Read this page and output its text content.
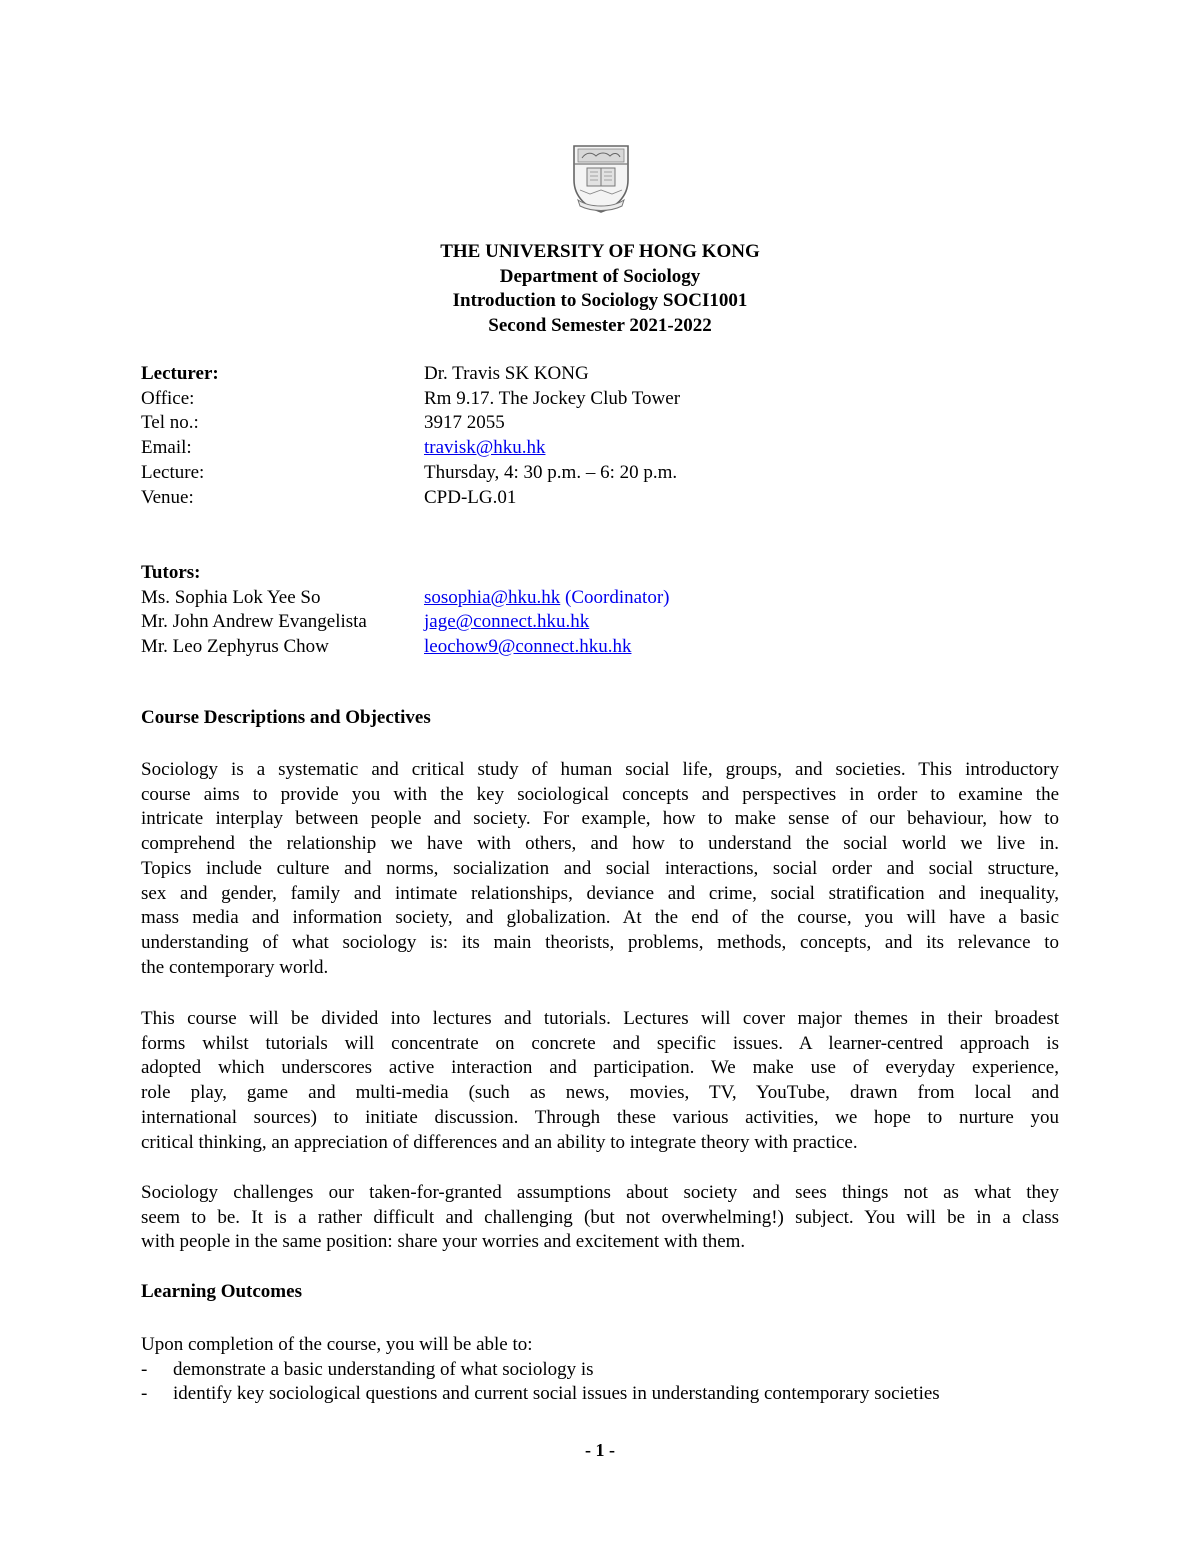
THE UNIVERSITY OF HONG KONG
Department of Sociology
Introduction to Sociology SOCI1001
Second Semester 2021-2022
Lecturer:	Dr. Travis SK KONG
Office:	Rm 9.17. The Jockey Club Tower
Tel no.:	3917 2055
Email:	travisk@hku.hk
Lecture:	Thursday, 4: 30 p.m. – 6: 20 p.m.
Venue:	CPD-LG.01
Tutors:
Ms. Sophia Lok Yee So	sosophia@hku.hk (Coordinator)
Mr. John Andrew Evangelista	jage@connect.hku.hk
Mr. Leo Zephyrus Chow	leochow9@connect.hku.hk
Course Descriptions and Objectives
Sociology is a systematic and critical study of human social life, groups, and societies. This introductory
course aims to provide you with the key sociological concepts and perspectives in order to examine the
intricate interplay between people and society. For example, how to make sense of our behaviour, how to
comprehend the relationship we have with others, and how to understand the social world we live in.
Topics include culture and norms, socialization and social interactions, social order and social structure,
sex and gender, family and intimate relationships, deviance and crime, social stratification and inequality,
mass media and information society, and globalization. At the end of the course, you will have a basic
understanding of what sociology is: its main theorists, problems, methods, concepts, and its relevance to
the contemporary world.
This course will be divided into lectures and tutorials. Lectures will cover major themes in their broadest
forms whilst tutorials will concentrate on concrete and specific issues. A learner-centred approach is
adopted which underscores active interaction and participation. We make use of everyday experience,
role play, game and multi-media (such as news, movies, TV, YouTube, drawn from local and
international sources) to initiate discussion. Through these various activities, we hope to nurture you
critical thinking, an appreciation of differences and an ability to integrate theory with practice.
Sociology challenges our taken-for-granted assumptions about society and sees things not as what they
seem to be. It is a rather difficult and challenging (but not overwhelming!) subject. You will be in a class
with people in the same position: share your worries and excitement with them.
Learning Outcomes
Upon completion of the course, you will be able to:
-	demonstrate a basic understanding of what sociology is
-	identify key sociological questions and current social issues in understanding contemporary societies
- 1 -
